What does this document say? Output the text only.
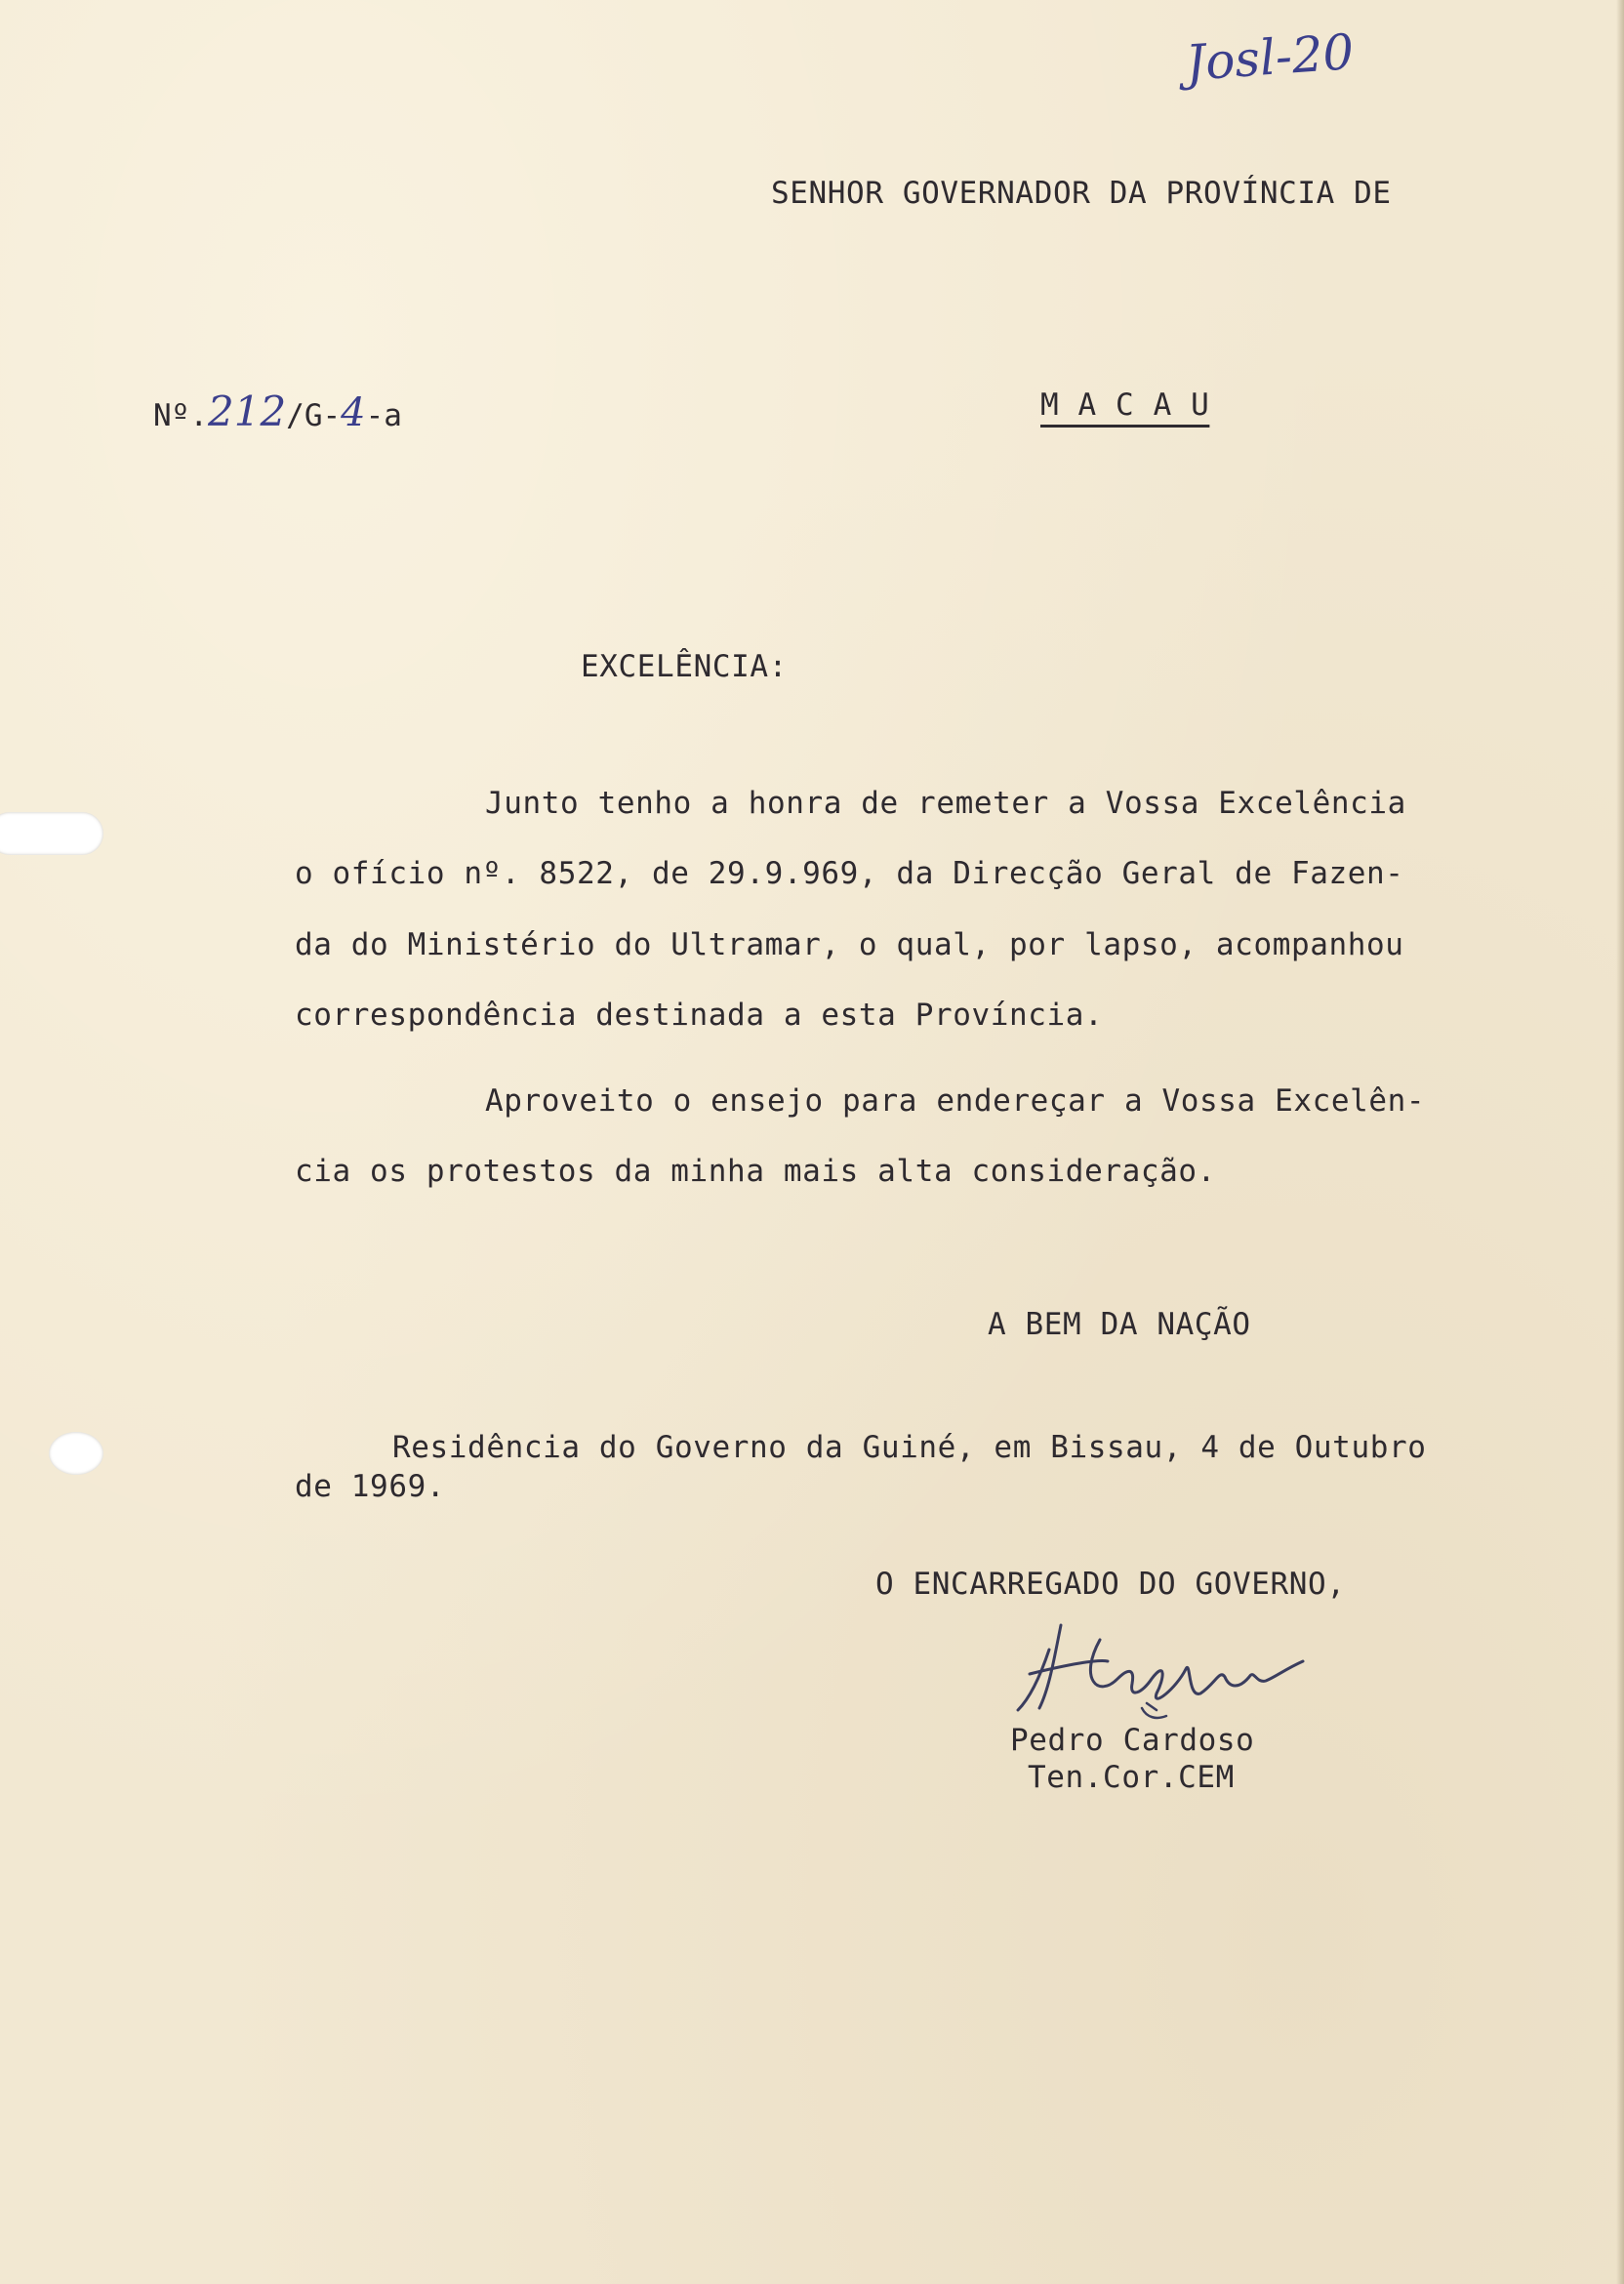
Josl-20
SENHOR GOVERNADOR DA PROVÍNCIA DE
Nº.212/G-4-a	M A C A U
EXCELÊNCIA:
Junto tenho a honra de remeter a Vossa Excelência
o ofício nº. 8522, de 29.9.969, da Direcção Geral de Fazen-
da do Ministério do Ultramar, o qual, por lapso, acompanhou
correspondência destinada a esta Província.
Aproveito o ensejo para endereçar a Vossa Excelên-
cia os protestos da minha mais alta consideração.
A BEM DA NAÇÃO
Residência do Governo da Guiné, em Bissau, 4 de Outubro
de 1969.
O ENCARREGADO DO GOVERNO,
Pedro Cardoso
Ten.Cor.CEM
